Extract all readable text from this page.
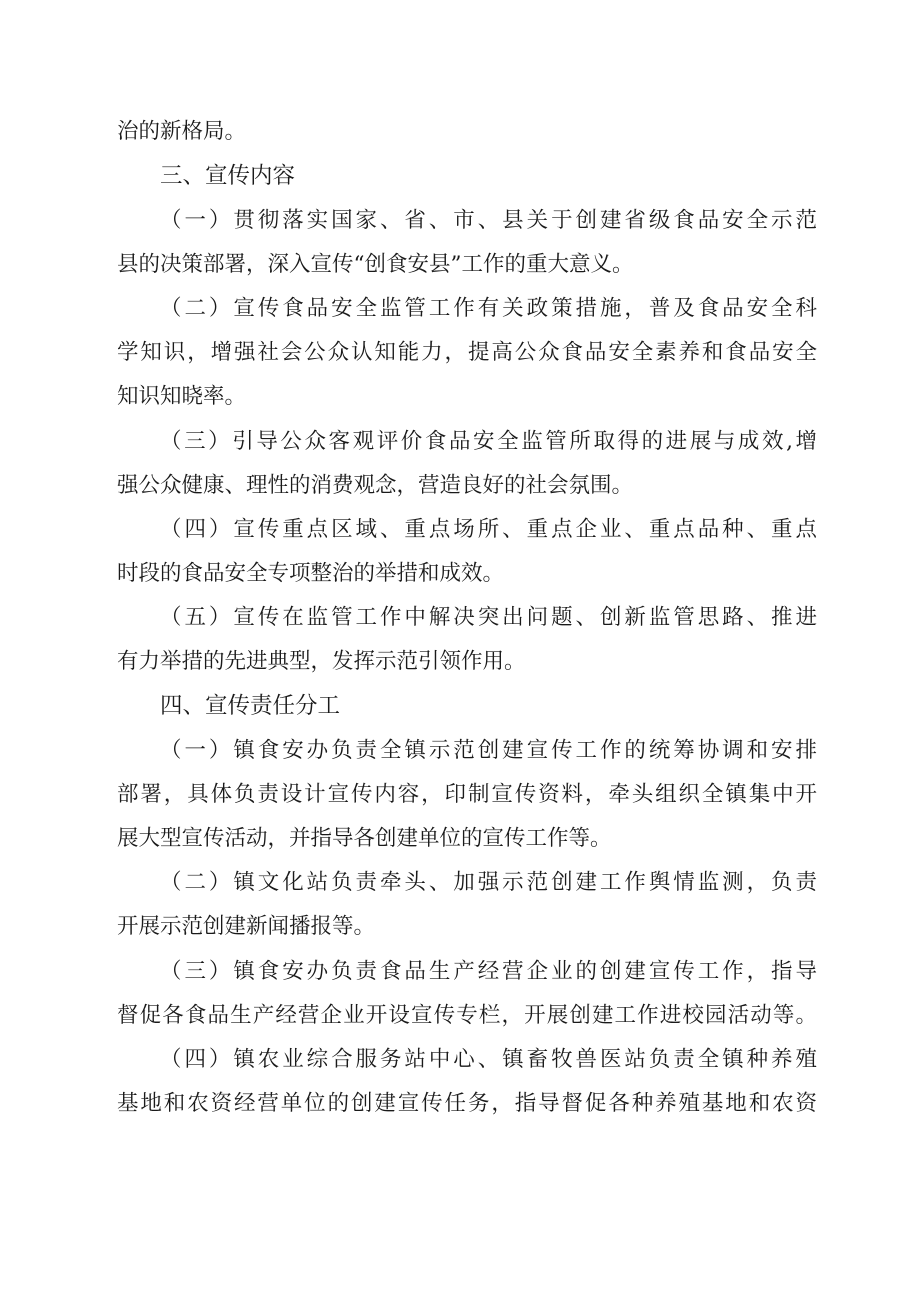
治的新格局。
三、宣传内容
（一）贯彻落实国家、省、市、县关于创建省级食品安全示范
县的决策部署，深入宣传“创食安县”工作的重大意义。
（二）宣传食品安全监管工作有关政策措施，普及食品安全科
学知识，增强社会公众认知能力，提高公众食品安全素养和食品安全
知识知晓率。
（三）引导公众客观评价食品安全监管所取得的进展与成效,增
强公众健康、理性的消费观念，营造良好的社会氛围。
（四）宣传重点区域、重点场所、重点企业、重点品种、重点
时段的食品安全专项整治的举措和成效。
（五）宣传在监管工作中解决突出问题、创新监管思路、推进
有力举措的先进典型，发挥示范引领作用。
四、宣传责任分工
（一）镇食安办负责全镇示范创建宣传工作的统筹协调和安排
部署，具体负责设计宣传内容，印制宣传资料，牵头组织全镇集中开
展大型宣传活动，并指导各创建单位的宣传工作等。
（二）镇文化站负责牵头、加强示范创建工作舆情监测，负责
开展示范创建新闻播报等。
（三）镇食安办负责食品生产经营企业的创建宣传工作，指导
督促各食品生产经营企业开设宣传专栏，开展创建工作进校园活动等。
（四）镇农业综合服务站中心、镇畜牧兽医站负责全镇种养殖
基地和农资经营单位的创建宣传任务，指导督促各种养殖基地和农资
